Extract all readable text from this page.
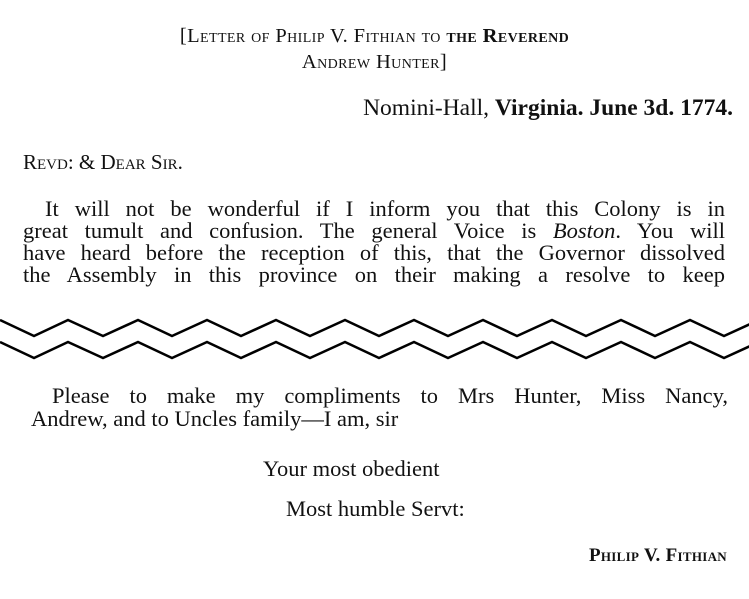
[Letter of Philip V. Fithian to the Reverend
Andrew Hunter]
Nomini-Hall, Virginia. June 3d. 1774.
Revd: & Dear Sir.
It will not be wonderful if I inform you that this Colony is in
great tumult and confusion. The general Voice is Boston. You will
have heard before the reception of this, that the Governor dissolved
the Assembly in this province on their making a resolve to keep
Please to make my compliments to Mrs Hunter, Miss Nancy,
Andrew, and to Uncles family—I am, sir
Your most obedient
Most humble Servt:
Philip V. Fithian
